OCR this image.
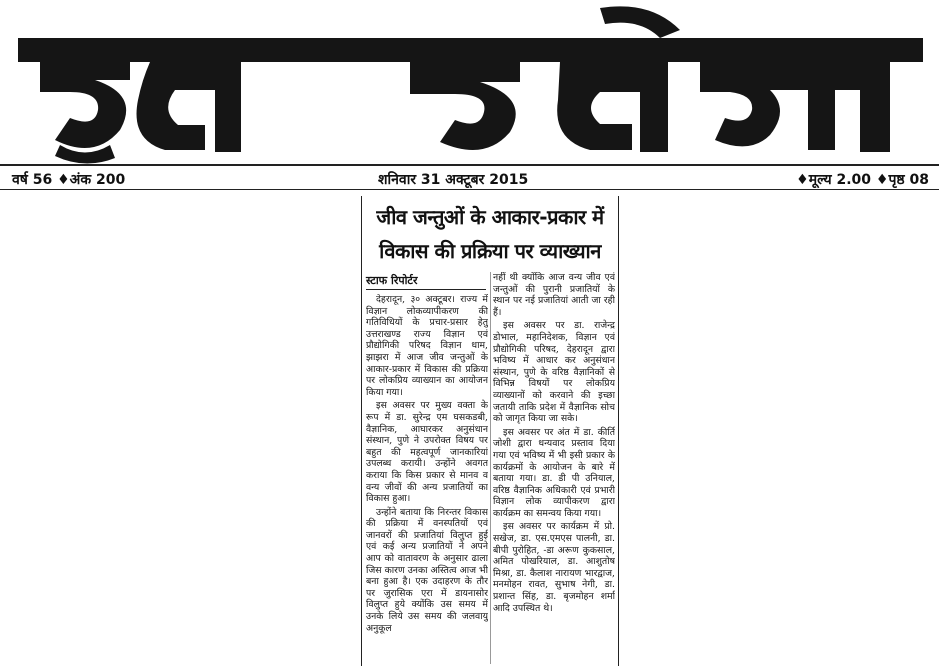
वर्ष 56 ♦अंक 200	शनिवार 31 अक्टूबर 2015	♦मूल्य 2.00 ♦पृष्ठ 08
जीव जन्तुओं के आकार-प्रकार में
विकास की प्रक्रिया पर व्याख्यान
स्टाफ रिपोर्टर

देहरादून, ३० अक्टूबर। राज्य में विज्ञान लोकव्यापीकरण की गतिविधियों के प्रचार-प्रसार हेतु उत्तराखण्ड राज्य विज्ञान एवं प्रौद्योगिकी परिषद विज्ञान धाम, झाझरा में आज जीव जन्तुओं के आकार-प्रकार में विकास की प्रक्रिया पर लोकप्रिय व्याख्यान का आयोजन किया गया।

इस अवसर पर मुख्य वक्ता के रूप में डा. सुरेन्द्र एम घसकडबी, वैज्ञानिक, आघारकर अनुसंधान संस्थान, पुणे ने उपरोक्त विषय पर बहुत की महत्वपूर्ण जानकारियां उपलब्ध करायी। उन्होंने अवगत कराया कि किस प्रकार से मानव व वन्य जीवों की अन्य प्रजातियों का विकास हुआ।

उन्होंने बताया कि निरन्तर विकास की प्रक्रिया में वनस्पतियों एवं जानवरों की प्रजातियां विलुप्त हुई एवं कई अन्य प्रजातियों ने अपने आप को वातावरण के अनुसार ढाला जिस कारण उनका अस्तित्व आज भी बना हुआ है। एक उदाहरण के तौर पर जुरासिक एरा में डायनासोर विलुप्त हुये क्योंकि उस समय में उनके लिये उस समय की जलवायु अनुकूल

नहीं थी क्योंकि आज वन्य जीव एवं जन्तुओं की पुरानी प्रजातियों के स्थान पर नई प्रजातियां आती जा रही हैं।

इस अवसर पर डा. राजेन्द्र डोभाल, महानिदेशक, विज्ञान एवं प्रौद्योगिकी परिषद, देहरादून द्वारा भविष्य में आधार कर अनुसंधान संस्थान, पुणे के वरिष्ठ वैज्ञानिकों से विभिन्न विषयों पर लोकप्रिय व्याख्यानों को करवाने की इच्छा जतायी ताकि प्रदेश में वैज्ञानिक सोच को जागृत किया जा सके।

इस अवसर पर अंत में डा. कीर्ति जोशी द्वारा धन्यवाद प्रस्ताव दिया गया एवं भविष्य में भी इसी प्रकार के कार्यक्रमों के आयोजन के बारे में बताया गया। डा. डी पी उनियाल, वरिष्ठ वैज्ञानिक अधिकारी एवं प्रभारी विज्ञान लोक व्यापीकरण द्वारा कार्यक्रम का समन्वय किया गया।

इस अवसर पर कार्यक्रम में प्रो. सखेज, डा. एस.एमएस पालनी, डा. बीपी पुरोहित, -डा अरूण कुकसाल, अमित पोखरियाल, डा. आशुतोष मिश्रा, डा. कैलाश नारायण भारद्वाज, मनमोहन रावत, सुभाष नेगी, डा. प्रशान्त सिंह, डा. बृजमोहन शर्मा आदि उपस्थित थे।
